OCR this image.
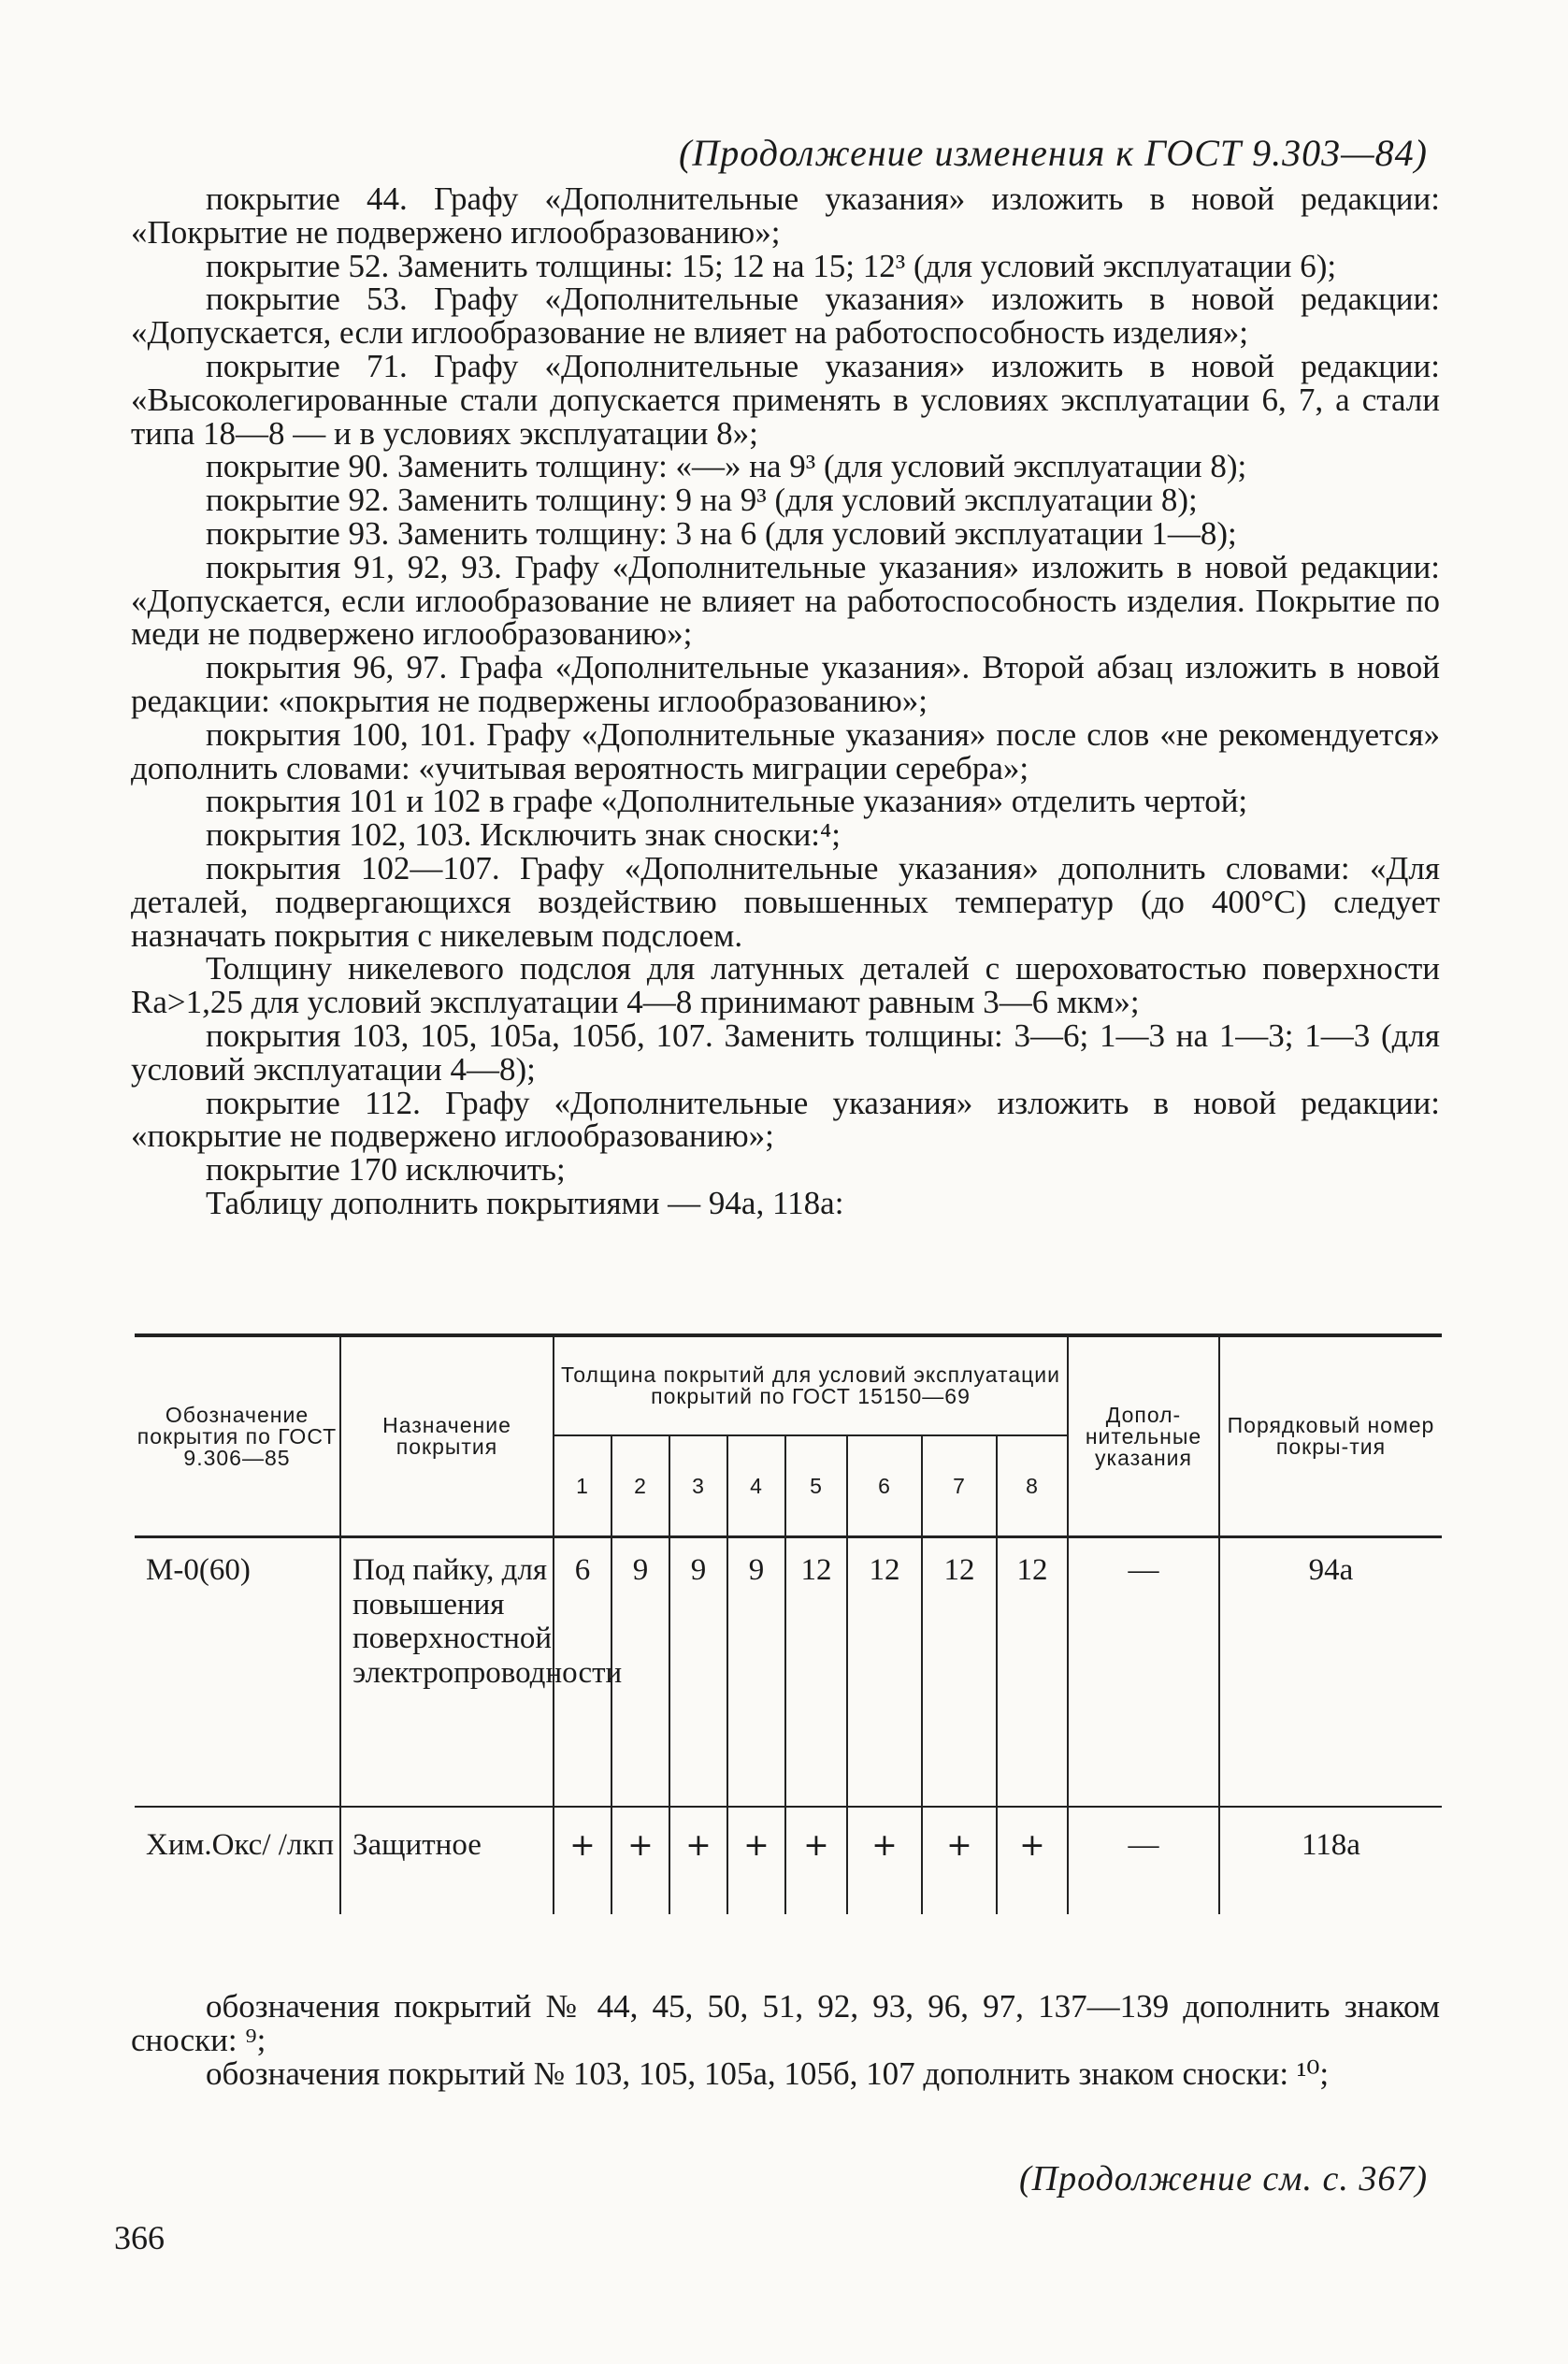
(Продолжение изменения к ГОСТ 9.303—84)

покрытие 44. Графу «Дополнительные указания» изложить в новой редакции: «Покрытие не подвержено иглообразованию»;

покрытие 52. Заменить толщины: 15; 12 на 15; 12³ (для условий эксплуатации 6);

покрытие 53. Графу «Дополнительные указания» изложить в новой редакции: «Допускается, если иглообразование не влияет на работоспособность изделия»;

покрытие 71. Графу «Дополнительные указания» изложить в новой редакции: «Высоколегированные стали допускается применять в условиях эксплуатации 6, 7, а стали типа 18—8 — и в условиях эксплуатации 8»;

покрытие 90. Заменить толщину: «—» на 9³ (для условий эксплуатации 8);

покрытие 92. Заменить толщину: 9 на 9³ (для условий эксплуатации 8);

покрытие 93. Заменить толщину: 3 на 6 (для условий эксплуатации 1—8);

покрытия 91, 92, 93. Графу «Дополнительные указания» изложить в новой редакции: «Допускается, если иглообразование не влияет на работоспособность изделия. Покрытие по меди не подвержено иглообразованию»;

покрытия 96, 97. Графа «Дополнительные указания». Второй абзац изложить в новой редакции: «покрытия не подвержены иглообразованию»;

покрытия 100, 101. Графу «Дополнительные указания» после слов «не рекомендуется» дополнить словами: «учитывая вероятность миграции серебра»;

покрытия 101 и 102 в графе «Дополнительные указания» отделить чертой;

покрытия 102, 103. Исключить знак сноски:⁴;

покрытия 102—107. Графу «Дополнительные указания» дополнить словами: «Для деталей, подвергающихся воздействию повышенных температур (до 400°С) следует назначать покрытия с никелевым подслоем.

Толщину никелевого подслоя для латунных деталей с шероховатостью поверхности Ra>1,25 для условий эксплуатации 4—8 принимают равным 3—6 мкм»;

покрытия 103, 105, 105а, 105б, 107. Заменить толщины: 3—6; 1—3 на 1—3; 1—3 (для условий эксплуатации 4—8);

покрытие 112. Графу «Дополнительные указания» изложить в новой редакции: «покрытие не подвержено иглообразованию»;

покрытие 170 исключить;

Таблицу дополнить покрытиями — 94а, 118а:

Обозначение покрытия по ГОСТ 9.306—85	Назначение покрытия	Толщина покрытий для условий эксплуатации покрытий по ГОСТ 15150—69								Допол-нительные указания	Порядковый номер покры-тия
		1	2	3	4	5	6	7	8		
М-0(60)	Под пайку, для повышения поверхностной электропроводности	6	9	9	9	12	12	12	12	—	94а
Хим.Окс/ /лкп	Защитное	+	+	+	+	+	+	+	+	—	118а

обозначения покрытий № 44, 45, 50, 51, 92, 93, 96, 97, 137—139 дополнить знаком сноски: ⁹;

обозначения покрытий № 103, 105, 105а, 105б, 107 дополнить знаком сноски: ¹⁰;

(Продолжение см. с. 367)
366
